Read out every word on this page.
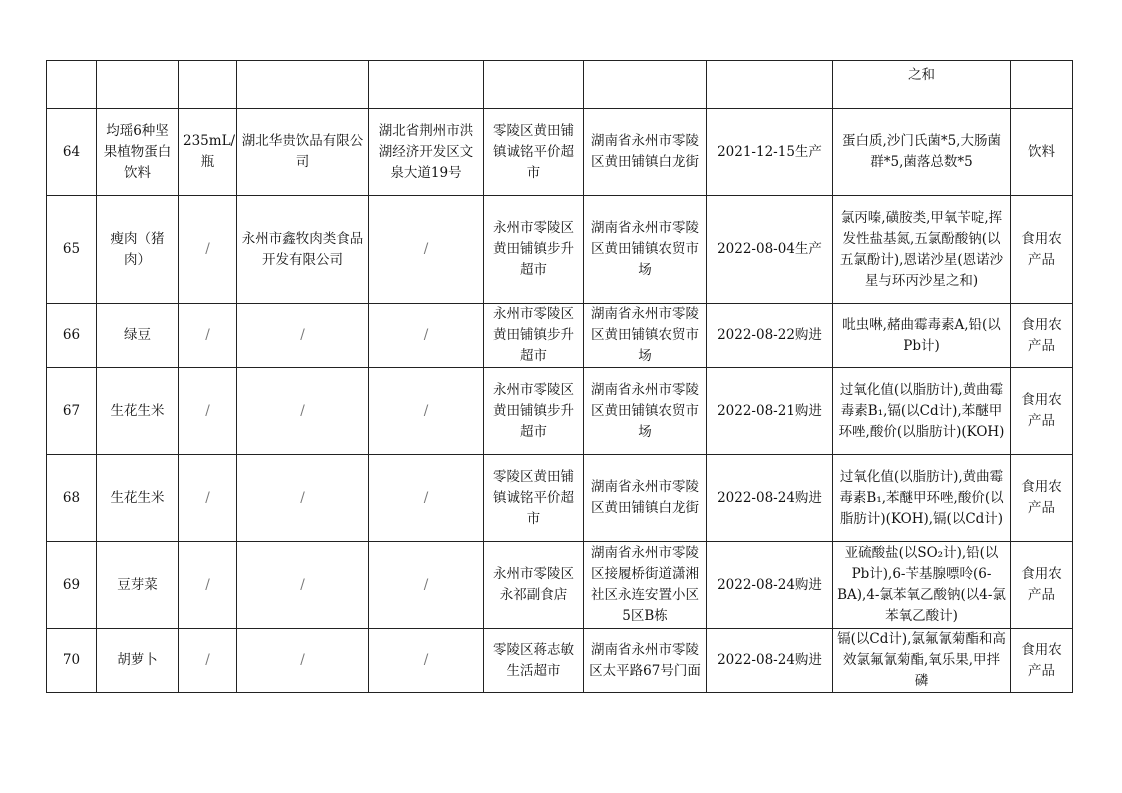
								之和	
64	均瑶6种坚果植物蛋白饮料	235mL/瓶	湖北华贵饮品有限公司	湖北省荆州市洪湖经济开发区文泉大道19号	零陵区黄田铺镇诚铭平价超市	湖南省永州市零陵区黄田铺镇白龙街	2021-12-15生产	蛋白质,沙门氏菌*5,大肠菌群*5,菌落总数*5	饮料
65	瘦肉（猪肉）	/	永州市鑫牧肉类食品开发有限公司	/	永州市零陵区黄田铺镇步升超市	湖南省永州市零陵区黄田铺镇农贸市场	2022-08-04生产	氯丙嗪,磺胺类,甲氧苄啶,挥发性盐基氮,五氯酚酸钠(以五氯酚计),恩诺沙星(恩诺沙星与环丙沙星之和)	食用农产品
66	绿豆	/	/	/	永州市零陵区黄田铺镇步升超市	湖南省永州市零陵区黄田铺镇农贸市场	2022-08-22购进	吡虫啉,赭曲霉毒素A,铅(以Pb计)	食用农产品
67	生花生米	/	/	/	永州市零陵区黄田铺镇步升超市	湖南省永州市零陵区黄田铺镇农贸市场	2022-08-21购进	过氧化值(以脂肪计),黄曲霉毒素B₁,镉(以Cd计),苯醚甲环唑,酸价(以脂肪计)(KOH)	食用农产品
68	生花生米	/	/	/	零陵区黄田铺镇诚铭平价超市	湖南省永州市零陵区黄田铺镇白龙街	2022-08-24购进	过氧化值(以脂肪计),黄曲霉毒素B₁,苯醚甲环唑,酸价(以脂肪计)(KOH),镉(以Cd计)	食用农产品
69	豆芽菜	/	/	/	永州市零陵区永祁副食店	湖南省永州市零陵区接履桥街道潇湘社区永连安置小区5区B栋	2022-08-24购进	亚硫酸盐(以SO₂计),铅(以Pb计),6-苄基腺嘌呤(6-BA),4-氯苯氧乙酸钠(以4-氯苯氧乙酸计)	食用农产品
70	胡萝卜	/	/	/	零陵区蒋志敏生活超市	湖南省永州市零陵区太平路67号门面	2022-08-24购进	镉(以Cd计),氯氟氰菊酯和高效氯氟氰菊酯,氧乐果,甲拌磷	食用农产品
